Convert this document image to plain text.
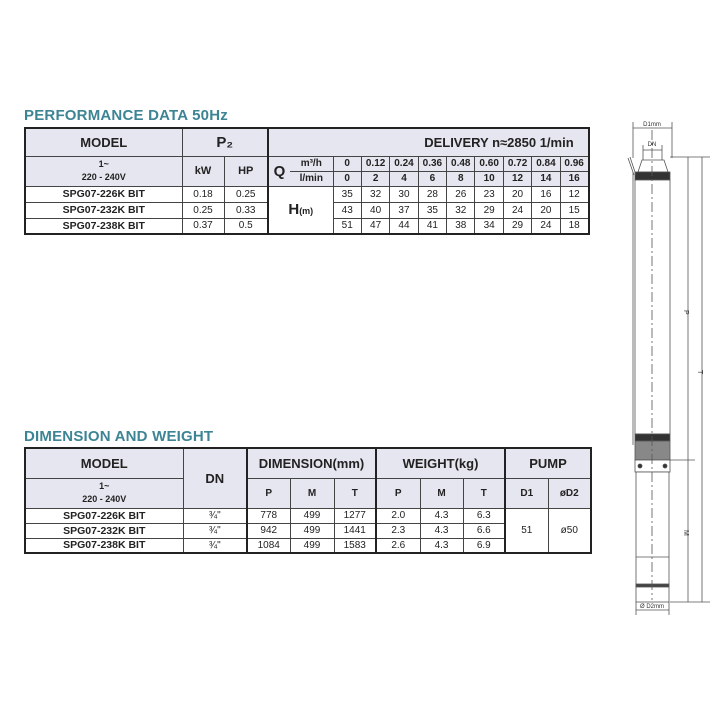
PERFORMANCE DATA 50Hz
MODEL	P₂		DELIVERY n≈2850 1/min										
1~
220 - 240V	kW	HP	Q	m³/h	0	0.12	0.24	0.36	0.48	0.60	0.72	0.84	0.96
				l/min	0	2	4	6	8	10	12	14	16
SPG07-226K BIT	0.18	0.25	H(m)		35	32	30	28	26	23	20	16	12
SPG07-232K BIT	0.25	0.33			43	40	37	35	32	29	24	20	15
SPG07-238K BIT	0.37	0.5			51	47	44	41	38	34	29	24	18
DIMENSION AND WEIGHT
MODEL	DN	DIMENSION(mm)			WEIGHT(kg)			PUMP	
1~
220 - 240V		P	M	T	P	M	T	D1	øD2
SPG07-226K BIT	¾"	778	499	1277	2.0	4.3	6.3	51	ø50
SPG07-232K BIT	¾"	942	499	1441	2.3	4.3	6.6		
SPG07-238K BIT	¾"	1084	499	1583	2.6	4.3	6.9		
D1mm
DN
P
T
M
Ø D2mm
